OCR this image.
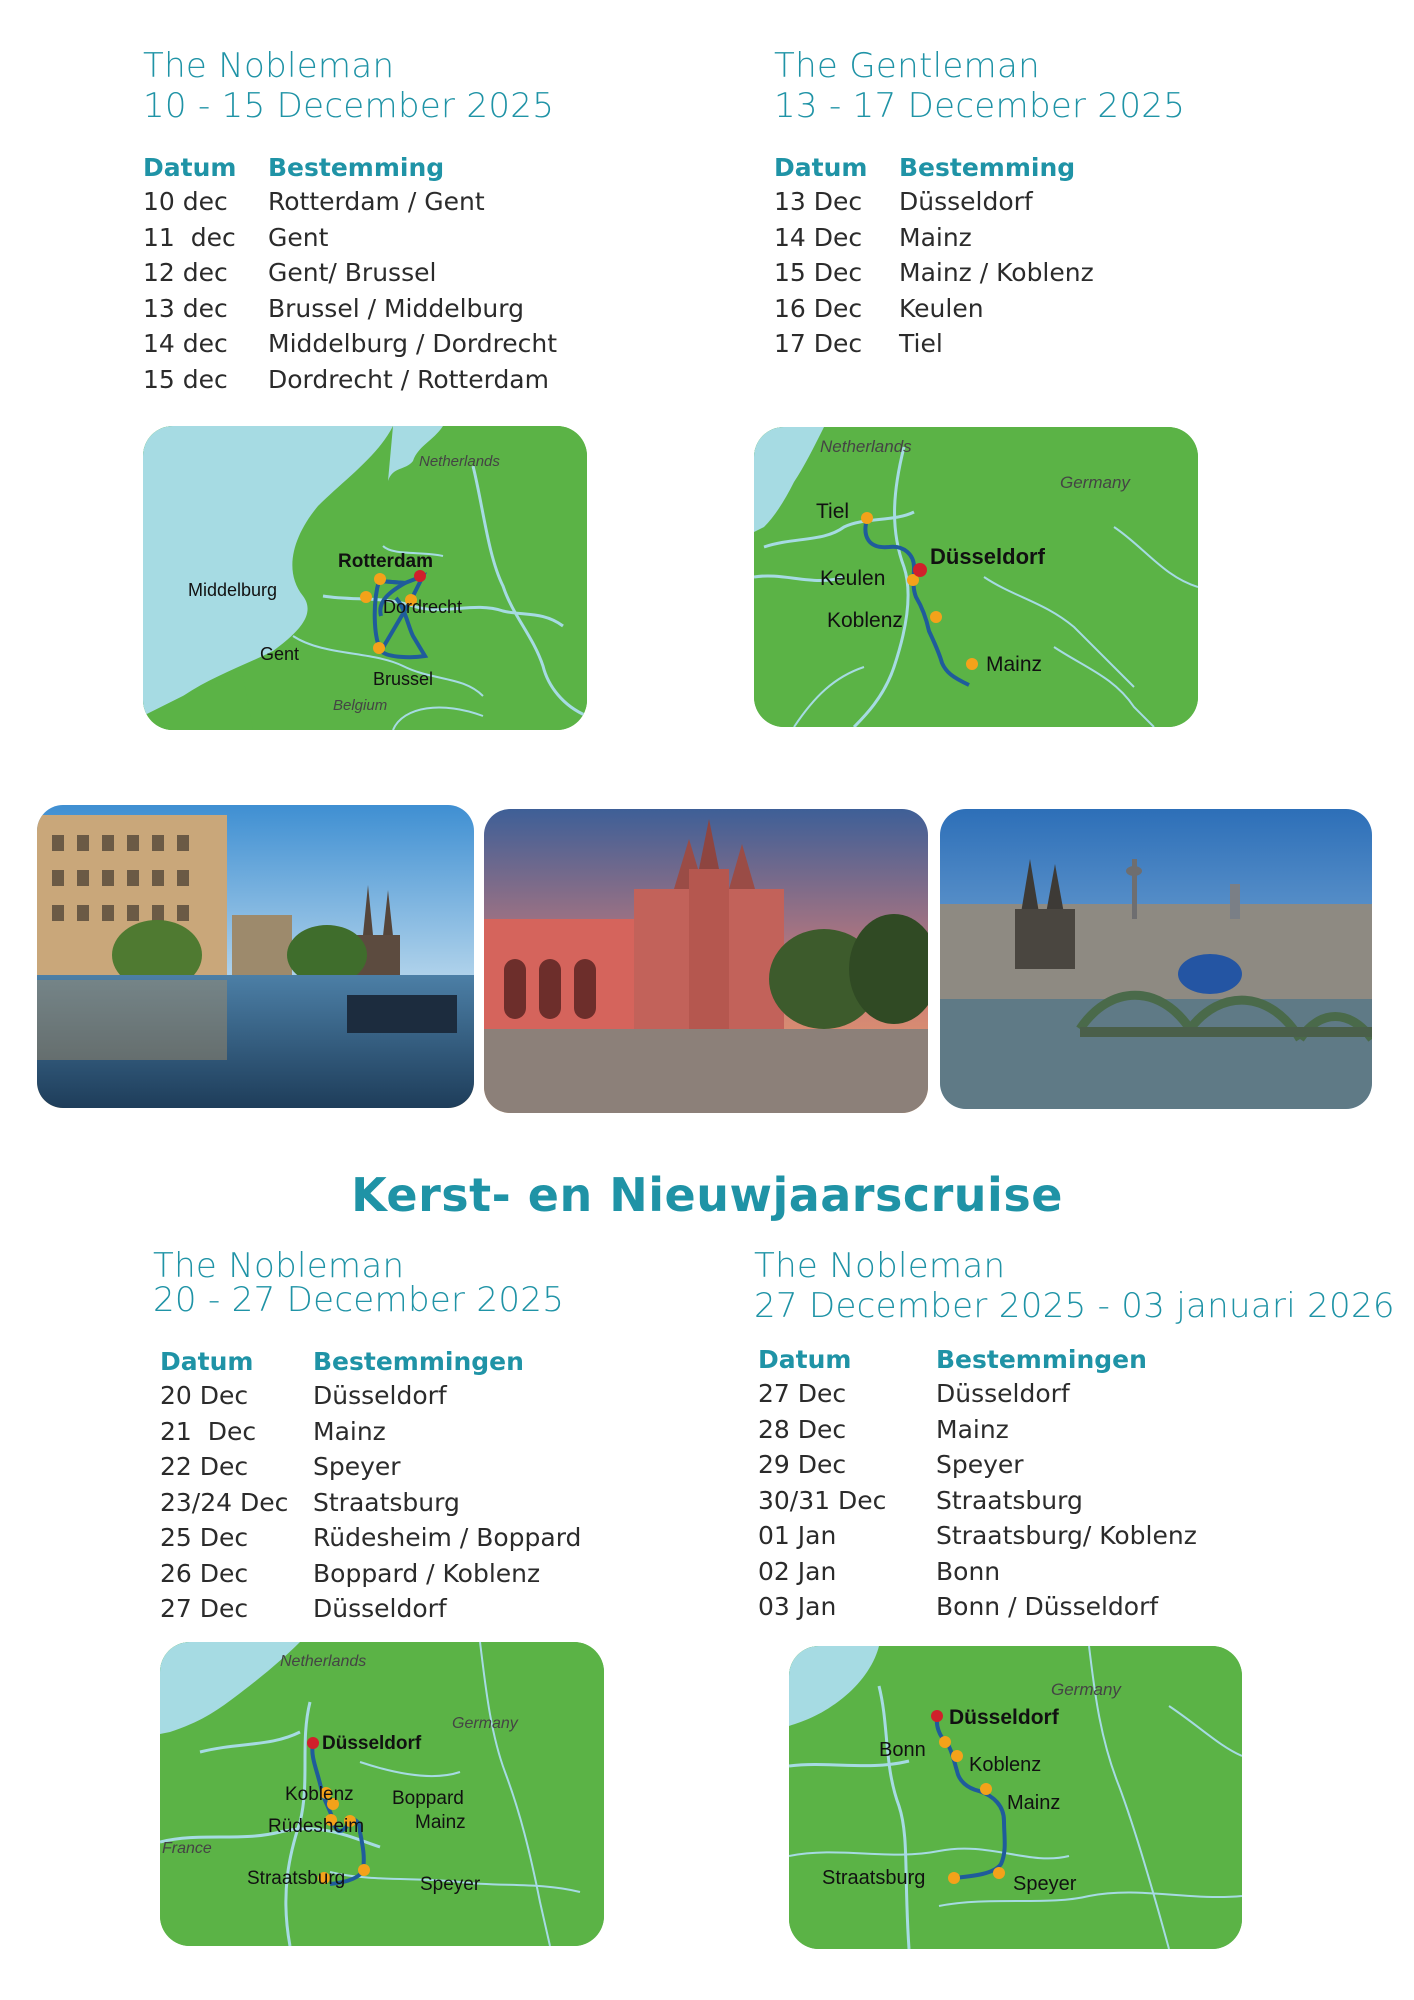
The Nobleman
10 - 15 December 2025
Datum	Bestemming
10 dec	Rotterdam / Gent
11  dec	Gent
12 dec	Gent/ Brussel
13 dec	Brussel / Middelburg
14 dec	Middelburg / Dordrecht
15 dec	Dordrecht / Rotterdam
Netherlands
Belgium
Rotterdam
Middelburg
Dordrecht
Gent
Brussel
The Gentleman
13 - 17 December 2025
Datum	Bestemming
13 Dec	Düsseldorf
14 Dec	Mainz
15 Dec	Mainz / Koblenz
16 Dec	Keulen
17 Dec	Tiel
Netherlands
Germany
Düsseldorf
Tiel
Keulen
Koblenz
Mainz
Kerst- en Nieuwjaarscruise
The Nobleman
20 - 27 December 2025
Datum	Bestemmingen
20 Dec	Düsseldorf
21  Dec	Mainz
22 Dec	Speyer
23/24 Dec	Straatsburg
25 Dec	Rüdesheim / Boppard
26 Dec	Boppard / Koblenz
27 Dec	Düsseldorf
Netherlands
Germany
France
Düsseldorf
Koblenz Boppard
Rüdesheim	Mainz
Straatsburg	Speyer
The Nobleman
27 December 2025 - 03 januari 2026
Datum	Bestemmingen
27 Dec	Düsseldorf
28 Dec	Mainz
29 Dec	Speyer
30/31 Dec	Straatsburg
01 Jan	Straatsburg/ Koblenz
02 Jan	Bonn
03 Jan	Bonn / Düsseldorf
Germany
Düsseldorf
Bonn
Koblenz
Mainz
Straatsburg	Speyer
